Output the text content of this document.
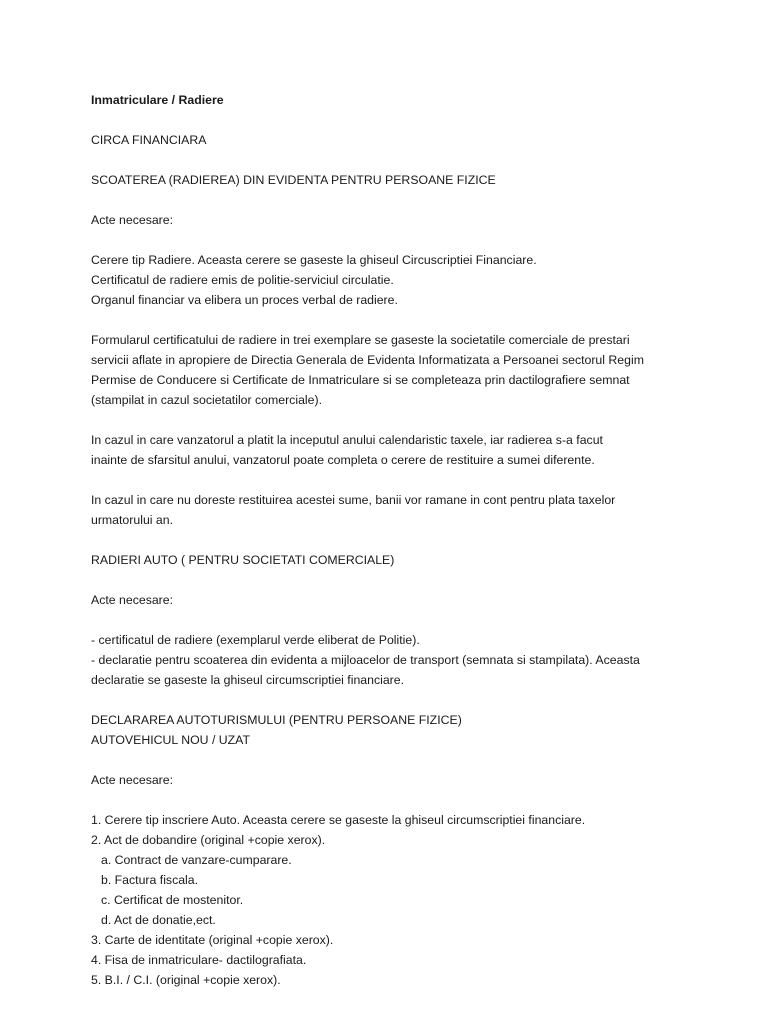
Inmatriculare / Radiere

CIRCA FINANCIARA

SCOATEREA (RADIEREA) DIN EVIDENTA PENTRU PERSOANE FIZICE

Acte necesare:

Cerere tip Radiere. Aceasta cerere se gaseste la ghiseul Circuscriptiei Financiare.
Certificatul de radiere emis de politie-serviciul circulatie.
Organul financiar va elibera un proces verbal de radiere.

Formularul certificatului de radiere in trei exemplare se gaseste la societatile comerciale de prestari
servicii aflate in apropiere de Directia Generala de Evidenta Informatizata a Persoanei sectorul Regim
Permise de Conducere si Certificate de Inmatriculare si se completeaza prin dactilografiere semnat
(stampilat in cazul societatilor comerciale).

In cazul in care vanzatorul a platit la inceputul anului calendaristic taxele, iar radierea s-a facut
inainte de sfarsitul anului, vanzatorul poate completa o cerere de restituire a sumei diferente.

In cazul in care nu doreste restituirea acestei sume, banii vor ramane in cont pentru plata taxelor
urmatorului an.

RADIERI AUTO ( PENTRU SOCIETATI COMERCIALE)

Acte necesare:

- certificatul de radiere (exemplarul verde eliberat de Politie).
- declaratie pentru scoaterea din evidenta a mijloacelor de transport (semnata si stampilata). Aceasta
declaratie se gaseste la ghiseul circumscriptiei financiare.

DECLARAREA AUTOTURISMULUI (PENTRU PERSOANE FIZICE)
AUTOVEHICUL NOU / UZAT

Acte necesare:

1. Cerere tip inscriere Auto. Aceasta cerere se gaseste la ghiseul circumscriptiei financiare.
2. Act de dobandire (original +copie xerox).
a. Contract de vanzare-cumparare.
b. Factura fiscala.
c. Certificat de mostenitor.
d. Act de donatie,ect.
3. Carte de identitate (original +copie xerox).
4. Fisa de inmatriculare- dactilografiata.
5. B.I. / C.I. (original +copie xerox).
